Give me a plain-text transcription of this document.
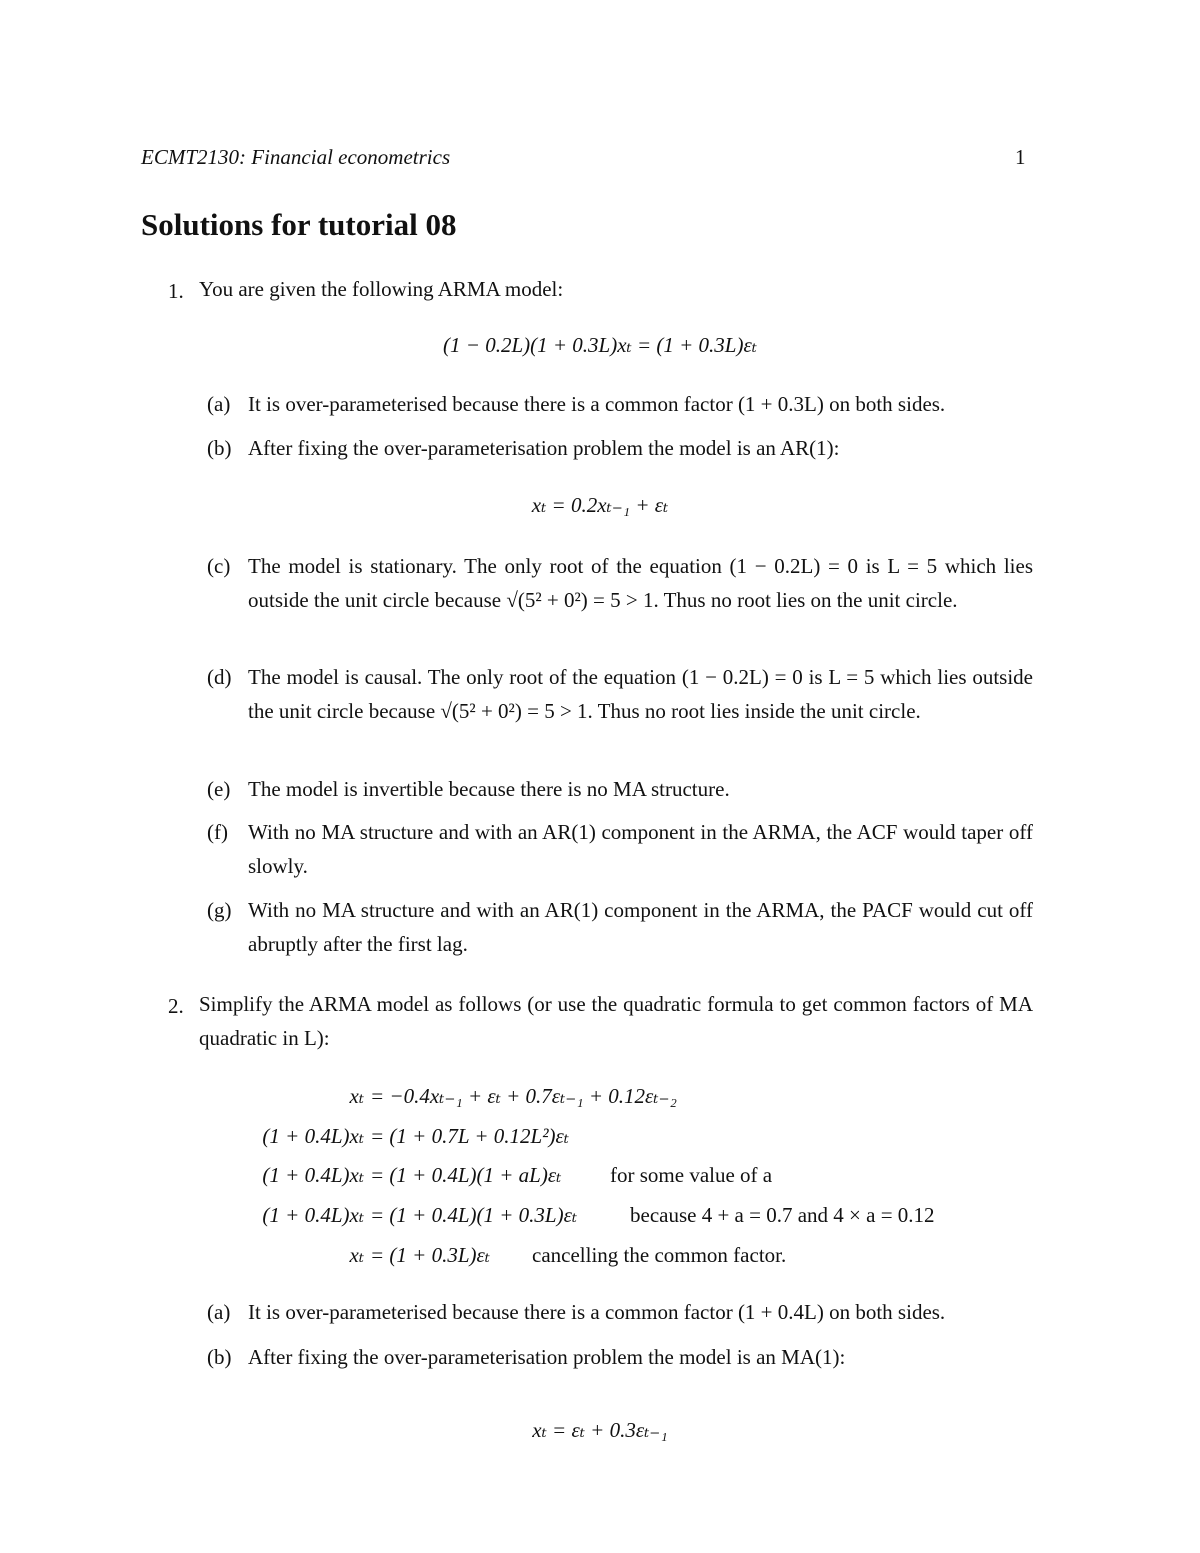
ECMT2130: Financial econometrics	1
Solutions for tutorial 08
1. You are given the following ARMA model:
(1 − 0.2L)(1 + 0.3L)xₜ = (1 + 0.3L)εₜ
(a) It is over-parameterised because there is a common factor (1 + 0.3L) on both sides.
(b) After fixing the over-parameterisation problem the model is an AR(1):
xₜ = 0.2xₜ₋₁ + εₜ
(c) The model is stationary. The only root of the equation (1 − 0.2L) = 0 is L = 5 which lies outside the unit circle because √(5² + 0²) = 5 > 1. Thus no root lies on the unit circle.
(d) The model is causal. The only root of the equation (1 − 0.2L) = 0 is L = 5 which lies outside the unit circle because √(5² + 0²) = 5 > 1. Thus no root lies inside the unit circle.
(e) The model is invertible because there is no MA structure.
(f) With no MA structure and with an AR(1) component in the ARMA, the ACF would taper off slowly.
(g) With no MA structure and with an AR(1) component in the ARMA, the PACF would cut off abruptly after the first lag.
2. Simplify the ARMA model as follows (or use the quadratic formula to get common factors of MA quadratic in L):
xₜ = −0.4xₜ₋₁ + εₜ + 0.7εₜ₋₁ + 0.12εₜ₋₂
(1 + 0.4L)xₜ = (1 + 0.7L + 0.12L²)εₜ
(1 + 0.4L)xₜ = (1 + 0.4L)(1 + aL)εₜ for some value of a
(1 + 0.4L)xₜ = (1 + 0.4L)(1 + 0.3L)εₜ	because 4 + a = 0.7 and 4 × a = 0.12
xₜ = (1 + 0.3L)εₜ cancelling the common factor.
(a) It is over-parameterised because there is a common factor (1 + 0.4L) on both sides.
(b) After fixing the over-parameterisation problem the model is an MA(1):
xₜ = εₜ + 0.3εₜ₋₁
